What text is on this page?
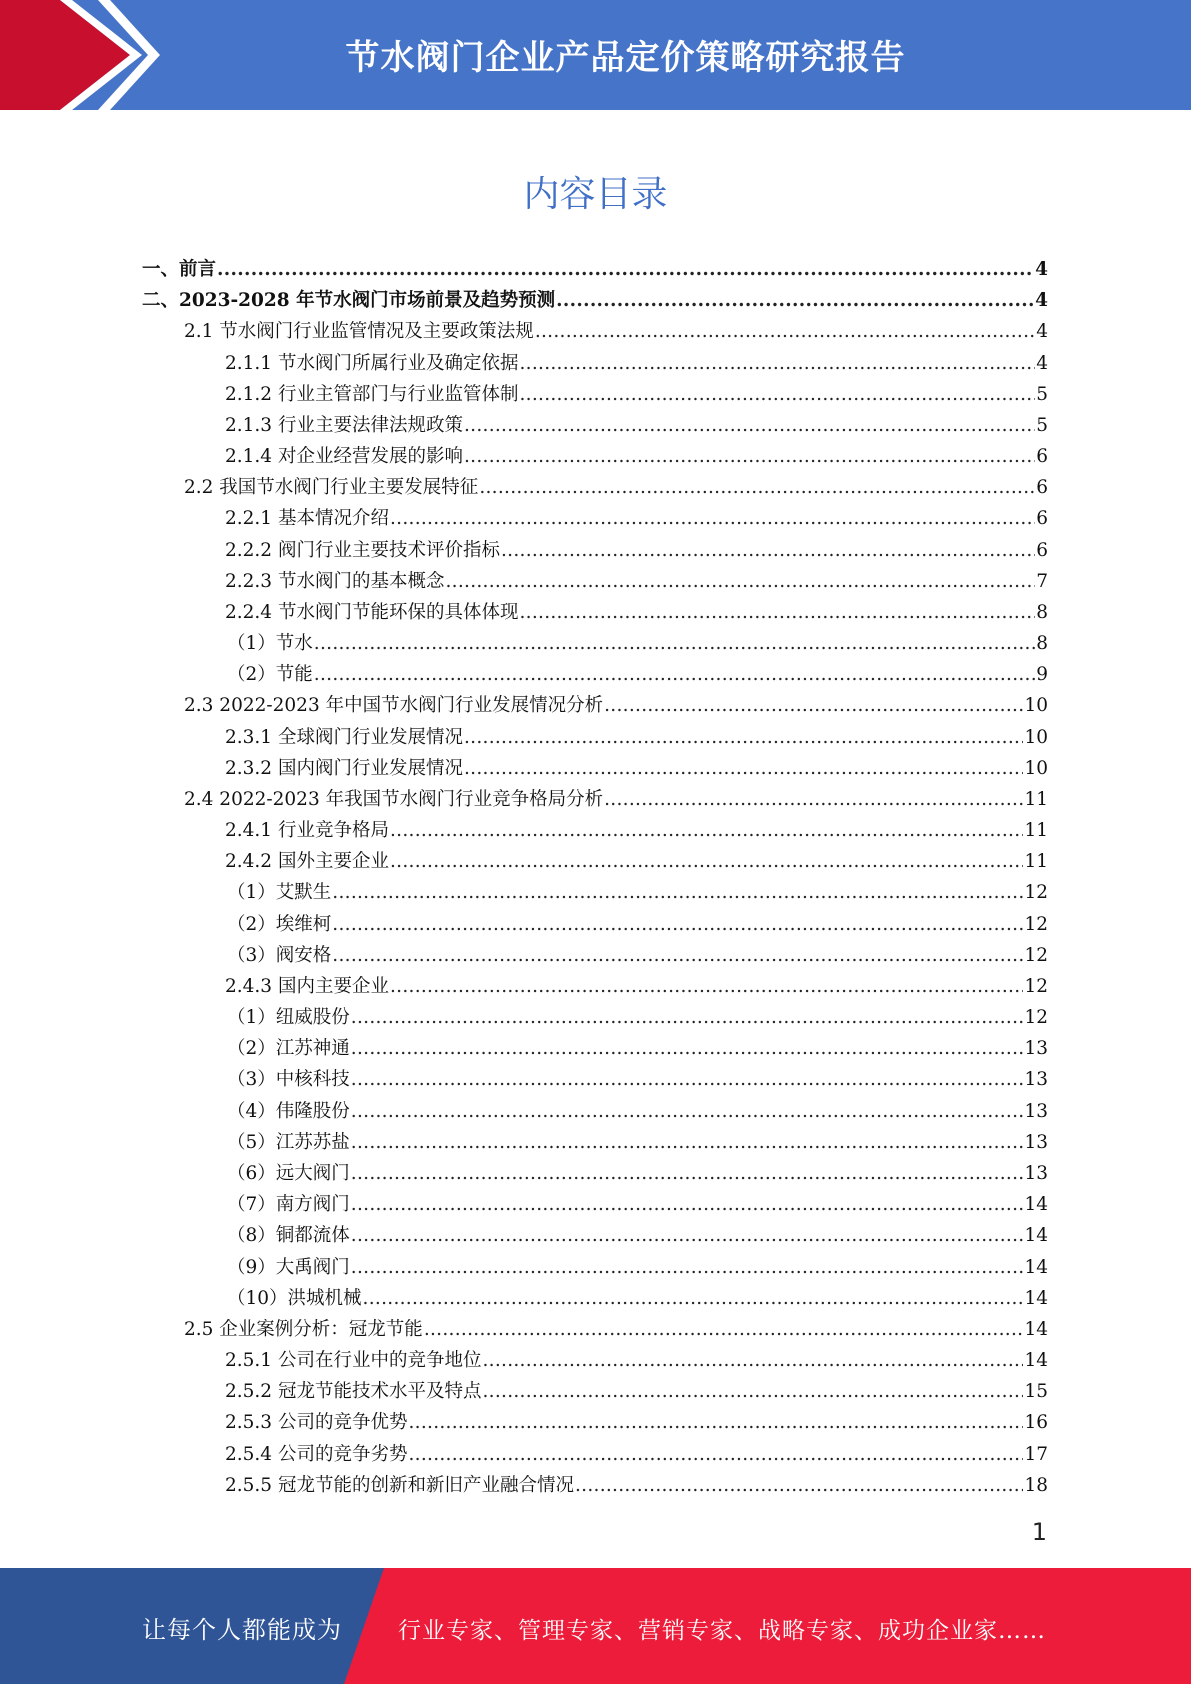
节水阀门企业产品定价策略研究报告
内容目录
一、前言 .....	4
二、2023-2028 年节水阀门市场前景及趋势预测 .....	4
2.1 节水阀门行业监管情况及主要政策法规 .....	4
2.1.1 节水阀门所属行业及确定依据 .....	4
2.1.2 行业主管部门与行业监管体制 .....	5
2.1.3 行业主要法律法规政策 .....	5
2.1.4 对企业经营发展的影响 .....	6
2.2 我国节水阀门行业主要发展特征 .....	6
2.2.1 基本情况介绍 .....	6
2.2.2 阀门行业主要技术评价指标 .....	6
2.2.3 节水阀门的基本概念 .....	7
2.2.4 节水阀门节能环保的具体体现 .....	8
（1）节水 .....	8
（2）节能 .....	9
2.3 2022-2023 年中国节水阀门行业发展情况分析 .....	10
2.3.1 全球阀门行业发展情况 .....	10
2.3.2 国内阀门行业发展情况 .....	10
2.4 2022-2023 年我国节水阀门行业竞争格局分析 .....	11
2.4.1 行业竞争格局 .....	11
2.4.2 国外主要企业 .....	11
（1）艾默生 .....	12
（2）埃维柯 .....	12
（3）阀安格 .....	12
2.4.3 国内主要企业 .....	12
（1）纽威股份 .....	12
（2）江苏神通 .....	13
（3）中核科技 .....	13
（4）伟隆股份 .....	13
（5）江苏苏盐 .....	13
（6）远大阀门 .....	13
（7）南方阀门 .....	14
（8）铜都流体 .....	14
（9）大禹阀门 .....	14
（10）洪城机械 .....	14
2.5 企业案例分析：冠龙节能 .....	14
2.5.1 公司在行业中的竞争地位 .....	14
2.5.2 冠龙节能技术水平及特点 .....	15
2.5.3 公司的竞争优势 .....	16
2.5.4 公司的竞争劣势 .....	17
2.5.5 冠龙节能的创新和新旧产业融合情况 .....	18
1
让每个人都能成为 行业专家、管理专家、营销专家、战略专家、成功企业家……
